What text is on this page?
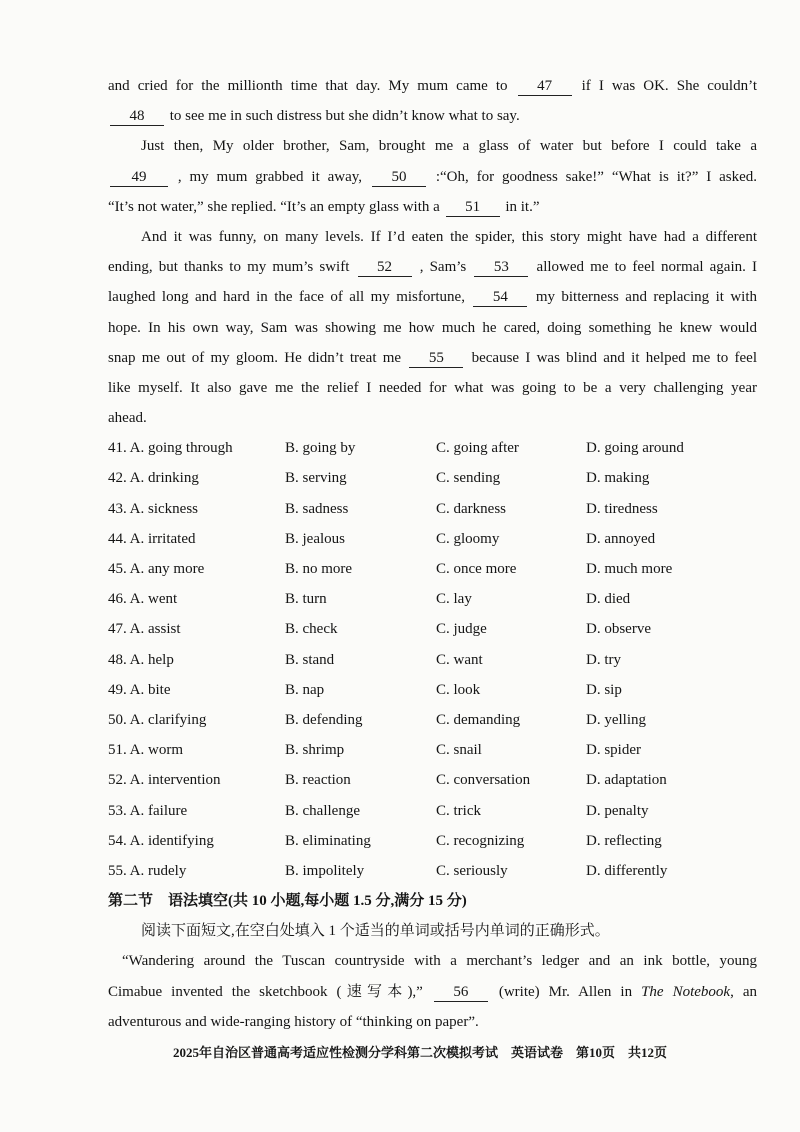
and cried for the millionth time that day. My mum came to 47 if I was OK. She couldn’t
48 to see me in such distress but she didn’t know what to say.
Just then, My older brother, Sam, brought me a glass of water but before I could take a
49 , my mum grabbed it away, 50 :“Oh, for goodness sake!” “What is it?” I asked.
“It’s not water,” she replied. “It’s an empty glass with a 51 in it.”
And it was funny, on many levels. If I’d eaten the spider, this story might have had a different
ending, but thanks to my mum’s swift 52 , Sam’s 53 allowed me to feel normal again. I
laughed long and hard in the face of all my misfortune, 54 my bitterness and replacing it with
hope. In his own way, Sam was showing me how much he cared, doing something he knew would
snap me out of my gloom. He didn’t treat me 55 because I was blind and it helped me to feel
like myself. It also gave me the relief I needed for what was going to be a very challenging year
ahead.
41. A. going through	B. going by	C. going after	D. going around
42. A. drinking	B. serving	C. sending	D. making
43. A. sickness	B. sadness	C. darkness	D. tiredness
44. A. irritated	B. jealous	C. gloomy	D. annoyed
45. A. any more	B. no more	C. once more	D. much more
46. A. went	B. turn	C. lay	D. died
47. A. assist	B. check	C. judge	D. observe
48. A. help	B. stand	C. want	D. try
49. A. bite	B. nap	C. look	D. sip
50. A. clarifying	B. defending	C. demanding	D. yelling
51. A. worm	B. shrimp	C. snail	D. spider
52. A. intervention	B. reaction	C. conversation	D. adaptation
53. A. failure	B. challenge	C. trick	D. penalty
54. A. identifying	B. eliminating	C. recognizing	D. reflecting
55. A. rudely	B. impolitely	C. seriously	D. differently
第二节　语法填空(共 10 小题,每小题 1.5 分,满分 15 分)
阅读下面短文,在空白处填入 1 个适当的单词或括号内单词的正确形式。
“Wandering around the Tuscan countryside with a merchant’s ledger and an ink bottle, young
Cimabue invented the sketchbook (速写本),” 56 (write) Mr. Allen in The Notebook, an
adventurous and wide-ranging history of “thinking on paper”.
2025年自治区普通高考适应性检测分学科第二次模拟考试　英语试卷　第10页　共12页
